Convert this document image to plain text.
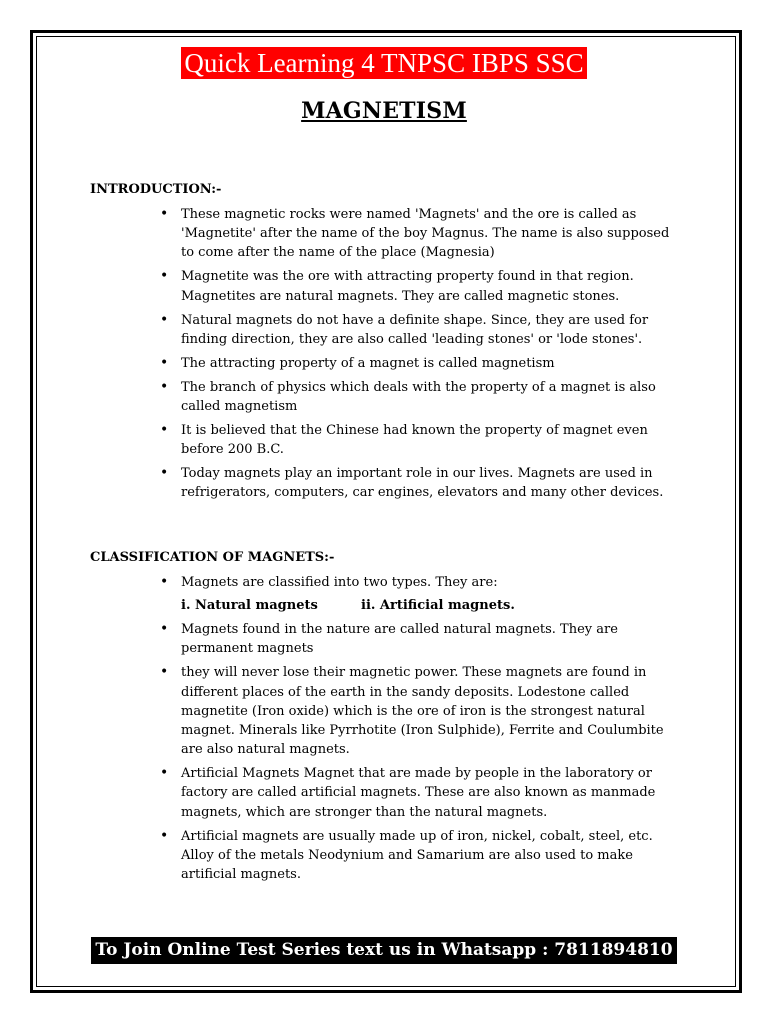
Quick Learning 4 TNPSC IBPS SSC
MAGNETISM
INTRODUCTION:-
• These magnetic rocks were named 'Magnets' and the ore is called as 'Magnetite' after the name of the boy Magnus. The name is also supposed to come after the name of the place (Magnesia)
• Magnetite was the ore with attracting property found in that region. Magnetites are natural magnets. They are called magnetic stones.
• Natural magnets do not have a definite shape. Since, they are used for finding direction, they are also called 'leading stones' or 'lode stones'.
• The attracting property of a magnet is called magnetism
• The branch of physics which deals with the property of a magnet is also called magnetism
• It is believed that the Chinese had known the property of magnet even before 200 B.C.
• Today magnets play an important role in our lives. Magnets are used in refrigerators, computers, car engines, elevators and many other devices.
CLASSIFICATION OF MAGNETS:-
• Magnets are classified into two types. They are:
i. Natural magnets	ii. Artificial magnets.
• Magnets found in the nature are called natural magnets. They are permanent magnets
• they will never lose their magnetic power. These magnets are found in different places of the earth in the sandy deposits. Lodestone called magnetite (Iron oxide) which is the ore of iron is the strongest natural magnet. Minerals like Pyrrhotite (Iron Sulphide), Ferrite and Coulumbite are also natural magnets.
• Artificial Magnets Magnet that are made by people in the laboratory or factory are called artificial magnets. These are also known as manmade magnets, which are stronger than the natural magnets.
• Artificial magnets are usually made up of iron, nickel, cobalt, steel, etc. Alloy of the metals Neodynium and Samarium are also used to make artificial magnets.
To Join Online Test Series text us in Whatsapp : 7811894810
